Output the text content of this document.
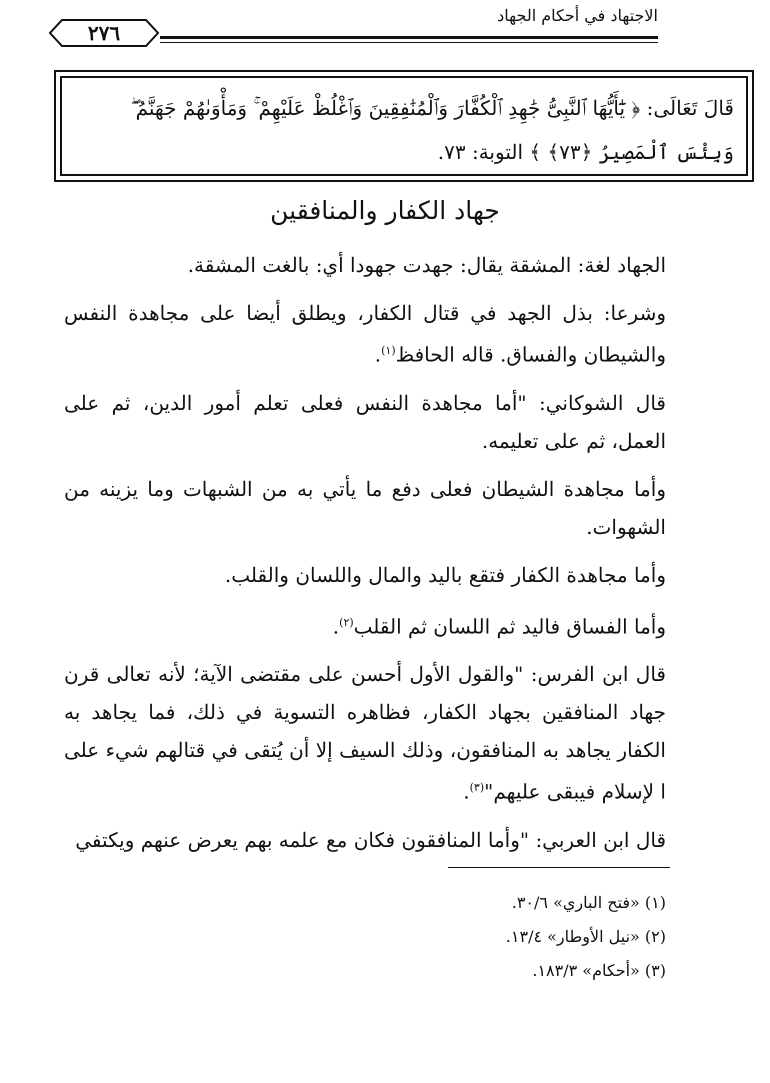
الاجتهاد في أحكام الجهاد
٢٧٦

قَالَ تَعَالَى: ﴿ يَٰٓأَيُّهَا ٱلنَّبِىُّ جَٰهِدِ ٱلْكُفَّارَ وَٱلْمُنَٰفِقِينَ وَٱغْلُظْ عَلَيْهِمْ ۚ وَمَأْوَىٰهُمْ جَهَنَّمُ ۖ

وَبِئْسَ ٱلْمَصِيرُ ﴿٧٣﴾ ﴾ التوبة: ٧٣.

جهاد الكفار والمنافقين

الجهاد لغة: المشقة يقال: جهدت جهودا أي: بالغت المشقة.

وشرعا: بذل الجهد في قتال الكفار، ويطلق أيضا على مجاهدة النفس والشيطان والفساق. قاله الحافظ$^{(١)}$.

قال الشوكاني: "أما مجاهدة النفس فعلى تعلم أمور الدين، ثم على العمل، ثم على تعليمه.

وأما مجاهدة الشيطان فعلى دفع ما يأتي به من الشبهات وما يزينه من الشهوات.

وأما مجاهدة الكفار فتقع باليد والمال واللسان والقلب.

وأما الفساق فاليد ثم اللسان ثم القلب$^{(٢)}$.

قال ابن الفرس: "والقول الأول أحسن على مقتضى الآية؛ لأنه تعالى قرن جهاد المنافقين بجهاد الكفار، فظاهره التسوية في ذلك، فما يجاهد به الكفار يجاهد به المنافقون، وذلك السيف إلا أن يُتقى في قتالهم شيء على ا لإسلام فيبقى عليهم"$^{(٣)}$.

قال ابن العربي: "وأما المنافقون فكان مع علمه بهم يعرض عنهم ويكتفي

(١) «فتح الباري» ٣٠/٦.
(٢) «نيل الأوطار» ١٣/٤.
(٣) «أحكام» ١٨٣/٣.
